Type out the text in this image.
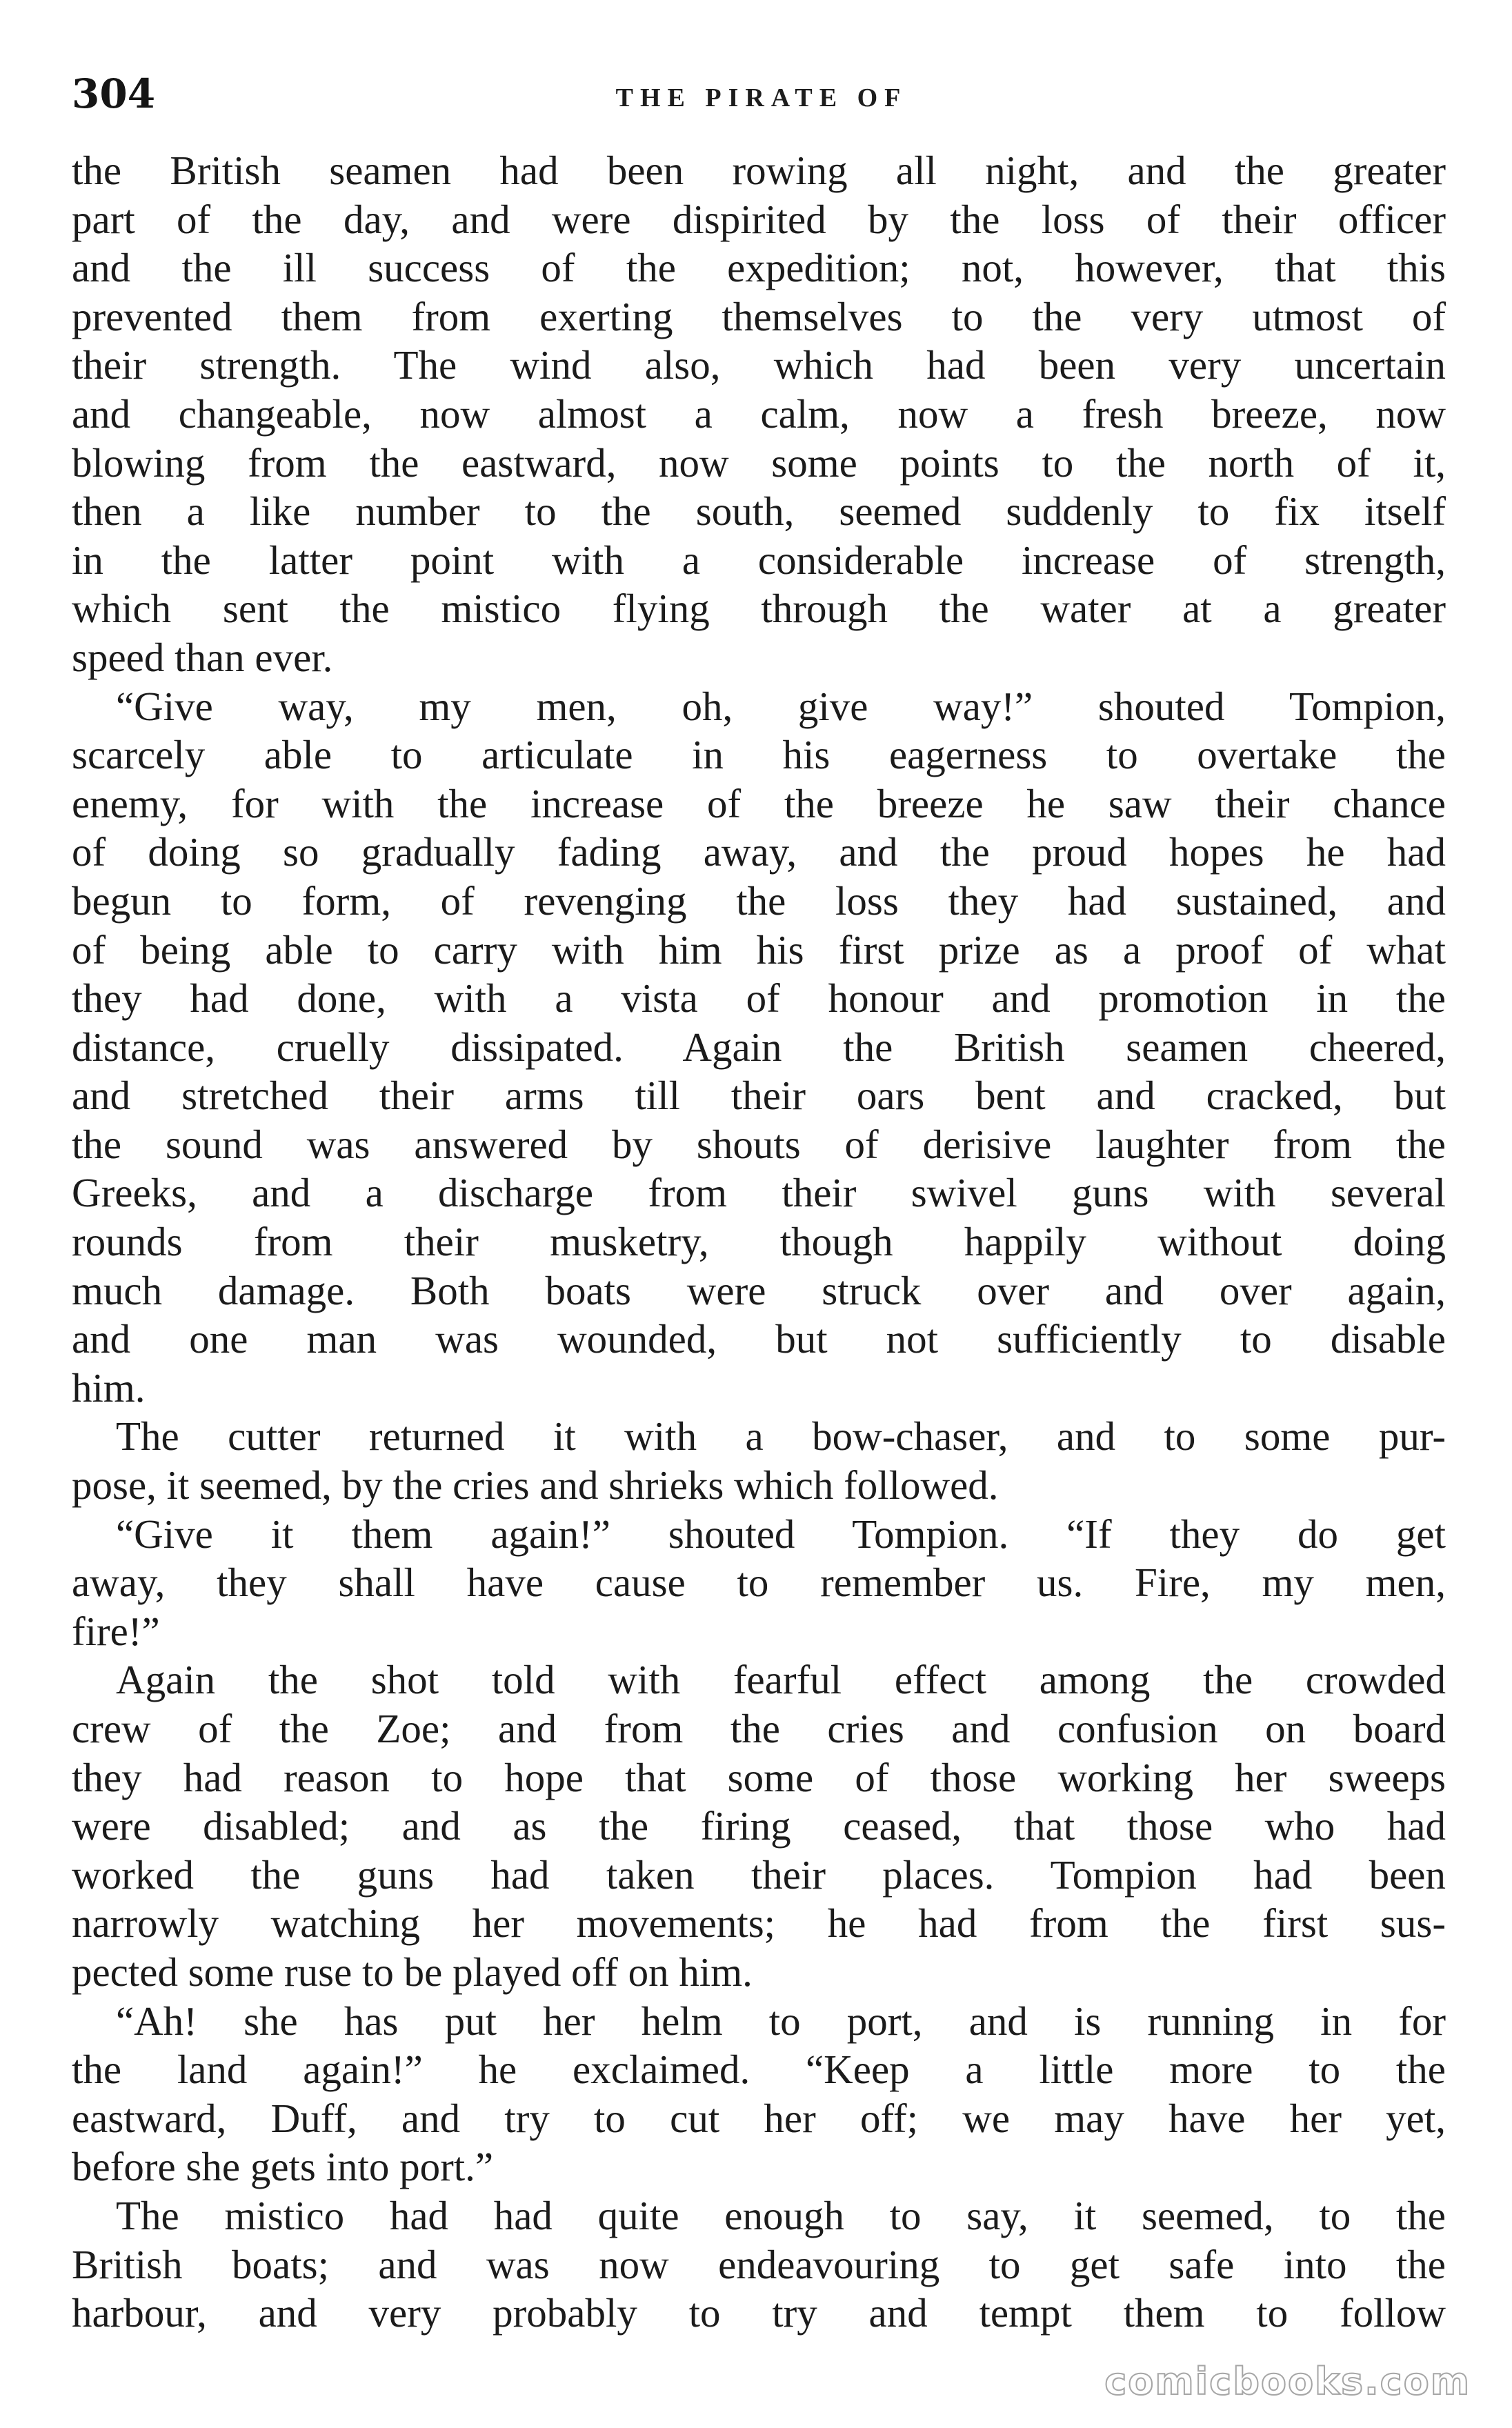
304	THE PIRATE OF
the British seamen had been rowing all night, and the greater
part of the day, and were dispirited by the loss of their officer
and the ill success of the expedition; not, however, that this
prevented them from exerting themselves to the very utmost of
their strength. The wind also, which had been very uncertain
and changeable, now almost a calm, now a fresh breeze, now
blowing from the eastward, now some points to the north of it,
then a like number to the south, seemed suddenly to fix itself
in the latter point with a considerable increase of strength,
which sent the mistico flying through the water at a greater
speed than ever.
“Give way, my men, oh, give way!” shouted Tompion,
scarcely able to articulate in his eagerness to overtake the
enemy, for with the increase of the breeze he saw their chance
of doing so gradually fading away, and the proud hopes he had
begun to form, of revenging the loss they had sustained, and
of being able to carry with him his first prize as a proof of what
they had done, with a vista of honour and promotion in the
distance, cruelly dissipated. Again the British seamen cheered,
and stretched their arms till their oars bent and cracked, but
the sound was answered by shouts of derisive laughter from the
Greeks, and a discharge from their swivel guns with several
rounds from their musketry, though happily without doing
much damage. Both boats were struck over and over again,
and one man was wounded, but not sufficiently to disable
him.
The cutter returned it with a bow-chaser, and to some pur-
pose, it seemed, by the cries and shrieks which followed.
“Give it them again!” shouted Tompion. “If they do get
away, they shall have cause to remember us. Fire, my men,
fire!”
Again the shot told with fearful effect among the crowded
crew of the Zoe; and from the cries and confusion on board
they had reason to hope that some of those working her sweeps
were disabled; and as the firing ceased, that those who had
worked the guns had taken their places. Tompion had been
narrowly watching her movements; he had from the first sus-
pected some ruse to be played off on him.
“Ah! she has put her helm to port, and is running in for
the land again!” he exclaimed. “Keep a little more to the
eastward, Duff, and try to cut her off; we may have her yet,
before she gets into port.”
The mistico had had quite enough to say, it seemed, to the
British boats; and was now endeavouring to get safe into the
harbour, and very probably to try and tempt them to follow
comicbooks.com
